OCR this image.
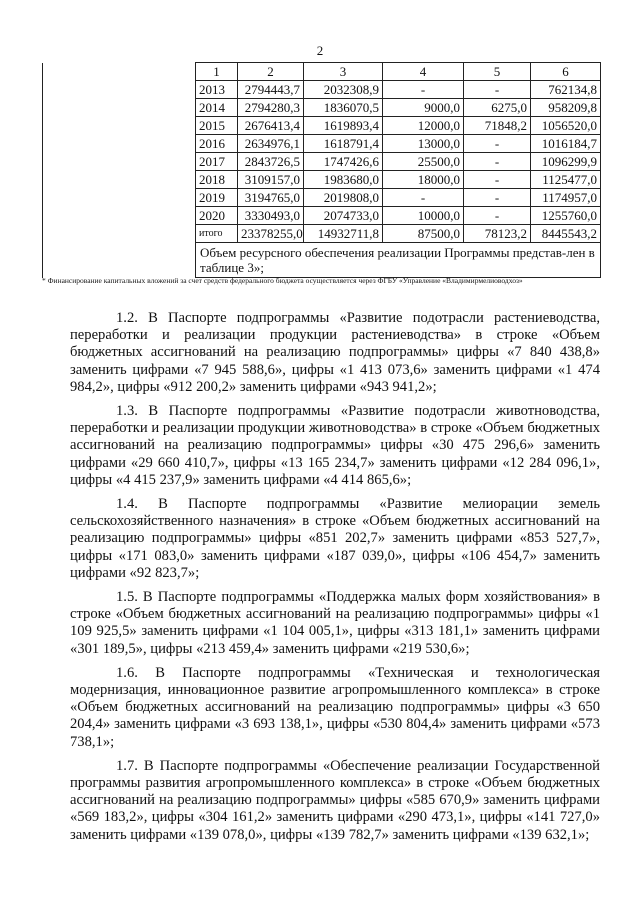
2
	1	2	3	4	5	6
	2013	2794443,7	2032308,9	-	-	762134,8
	2014	2794280,3	1836070,5	9000,0	6275,0	958209,8
	2015	2676413,4	1619893,4	12000,0	71848,2	1056520,0
	2016	2634976,1	1618791,4	13000,0	-	1016184,7
	2017	2843726,5	1747426,6	25500,0	-	1096299,9
	2018	3109157,0	1983680,0	18000,0	-	1125477,0
	2019	3194765,0	2019808,0	-	-	1174957,0
	2020	3330493,0	2074733,0	10000,0	-	1255760,0
	итого	23378255,0	14932711,8	87500,0	78123,2	8445543,2
	Объем ресурсного обеспечения реализации Программы представ-лен в таблице 3»;					
* Финансирование капитальных вложений за счет средств федерального бюджета осуществляется через ФГБУ «Управление «Владимирмелиоводхоз»

1.2. В Паспорте подпрограммы «Развитие подотрасли растениеводства, переработки и реализации продукции растениеводства» в строке «Объем бюджетных ассигнований на реализацию подпрограммы» цифры «7 840 438,8» заменить цифрами «7 945 588,6», цифры «1 413 073,6» заменить цифрами «1 474 984,2», цифры «912 200,2» заменить цифрами «943 941,2»;

1.3. В Паспорте подпрограммы «Развитие подотрасли животноводства, переработки и реализации продукции животноводства» в строке «Объем бюджетных ассигнований на реализацию подпрограммы» цифры «30 475 296,6» заменить цифрами «29 660 410,7», цифры «13 165 234,7» заменить цифрами «12 284 096,1», цифры «4 415 237,9» заменить цифрами «4 414 865,6»;

1.4. В Паспорте подпрограммы «Развитие мелиорации земель сельскохозяйственного назначения» в строке «Объем бюджетных ассигнований на реализацию подпрограммы» цифры «851 202,7» заменить цифрами «853 527,7», цифры «171 083,0» заменить цифрами «187 039,0», цифры «106 454,7» заменить цифрами «92 823,7»;

1.5. В Паспорте подпрограммы «Поддержка малых форм хозяйствования» в строке «Объем бюджетных ассигнований на реализацию подпрограммы» цифры «1 109 925,5» заменить цифрами «1 104 005,1», цифры «313 181,1» заменить цифрами «301 189,5», цифры «213 459,4» заменить цифрами «219 530,6»;

1.6. В Паспорте подпрограммы «Техническая и технологическая модернизация, инновационное развитие агропромышленного комплекса» в строке «Объем бюджетных ассигнований на реализацию подпрограммы» цифры «3 650 204,4» заменить цифрами «3 693 138,1», цифры «530 804,4» заменить цифрами «573 738,1»;

1.7. В Паспорте подпрограммы «Обеспечение реализации Государственной программы развития агропромышленного комплекса» в строке «Объем бюджетных ассигнований на реализацию подпрограммы» цифры «585 670,9» заменить цифрами «569 183,2», цифры «304 161,2» заменить цифрами «290 473,1», цифры «141 727,0» заменить цифрами «139 078,0», цифры «139 782,7» заменить цифрами «139 632,1»;
